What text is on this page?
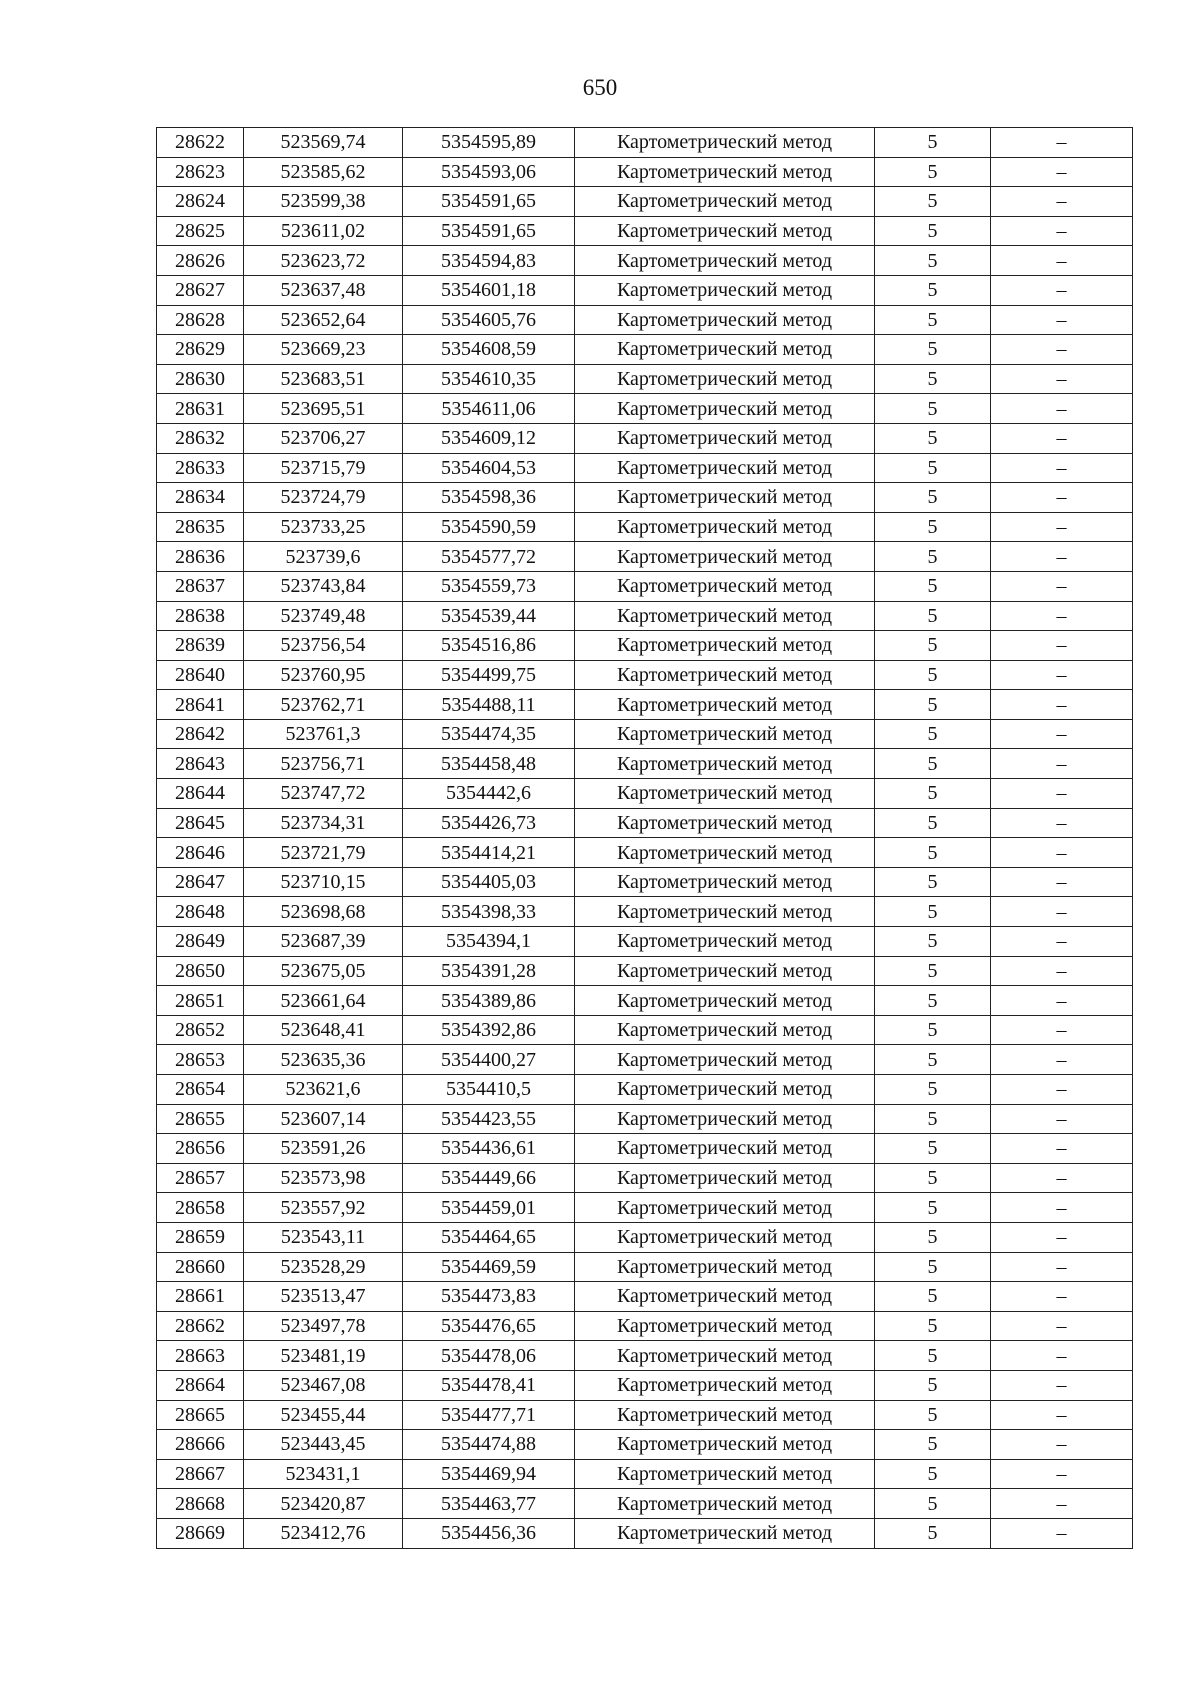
650
28622	523569,74	5354595,89	Картометрический метод	5	–
28623	523585,62	5354593,06	Картометрический метод	5	–
28624	523599,38	5354591,65	Картометрический метод	5	–
28625	523611,02	5354591,65	Картометрический метод	5	–
28626	523623,72	5354594,83	Картометрический метод	5	–
28627	523637,48	5354601,18	Картометрический метод	5	–
28628	523652,64	5354605,76	Картометрический метод	5	–
28629	523669,23	5354608,59	Картометрический метод	5	–
28630	523683,51	5354610,35	Картометрический метод	5	–
28631	523695,51	5354611,06	Картометрический метод	5	–
28632	523706,27	5354609,12	Картометрический метод	5	–
28633	523715,79	5354604,53	Картометрический метод	5	–
28634	523724,79	5354598,36	Картометрический метод	5	–
28635	523733,25	5354590,59	Картометрический метод	5	–
28636	523739,6	5354577,72	Картометрический метод	5	–
28637	523743,84	5354559,73	Картометрический метод	5	–
28638	523749,48	5354539,44	Картометрический метод	5	–
28639	523756,54	5354516,86	Картометрический метод	5	–
28640	523760,95	5354499,75	Картометрический метод	5	–
28641	523762,71	5354488,11	Картометрический метод	5	–
28642	523761,3	5354474,35	Картометрический метод	5	–
28643	523756,71	5354458,48	Картометрический метод	5	–
28644	523747,72	5354442,6	Картометрический метод	5	–
28645	523734,31	5354426,73	Картометрический метод	5	–
28646	523721,79	5354414,21	Картометрический метод	5	–
28647	523710,15	5354405,03	Картометрический метод	5	–
28648	523698,68	5354398,33	Картометрический метод	5	–
28649	523687,39	5354394,1	Картометрический метод	5	–
28650	523675,05	5354391,28	Картометрический метод	5	–
28651	523661,64	5354389,86	Картометрический метод	5	–
28652	523648,41	5354392,86	Картометрический метод	5	–
28653	523635,36	5354400,27	Картометрический метод	5	–
28654	523621,6	5354410,5	Картометрический метод	5	–
28655	523607,14	5354423,55	Картометрический метод	5	–
28656	523591,26	5354436,61	Картометрический метод	5	–
28657	523573,98	5354449,66	Картометрический метод	5	–
28658	523557,92	5354459,01	Картометрический метод	5	–
28659	523543,11	5354464,65	Картометрический метод	5	–
28660	523528,29	5354469,59	Картометрический метод	5	–
28661	523513,47	5354473,83	Картометрический метод	5	–
28662	523497,78	5354476,65	Картометрический метод	5	–
28663	523481,19	5354478,06	Картометрический метод	5	–
28664	523467,08	5354478,41	Картометрический метод	5	–
28665	523455,44	5354477,71	Картометрический метод	5	–
28666	523443,45	5354474,88	Картометрический метод	5	–
28667	523431,1	5354469,94	Картометрический метод	5	–
28668	523420,87	5354463,77	Картометрический метод	5	–
28669	523412,76	5354456,36	Картометрический метод	5	–
